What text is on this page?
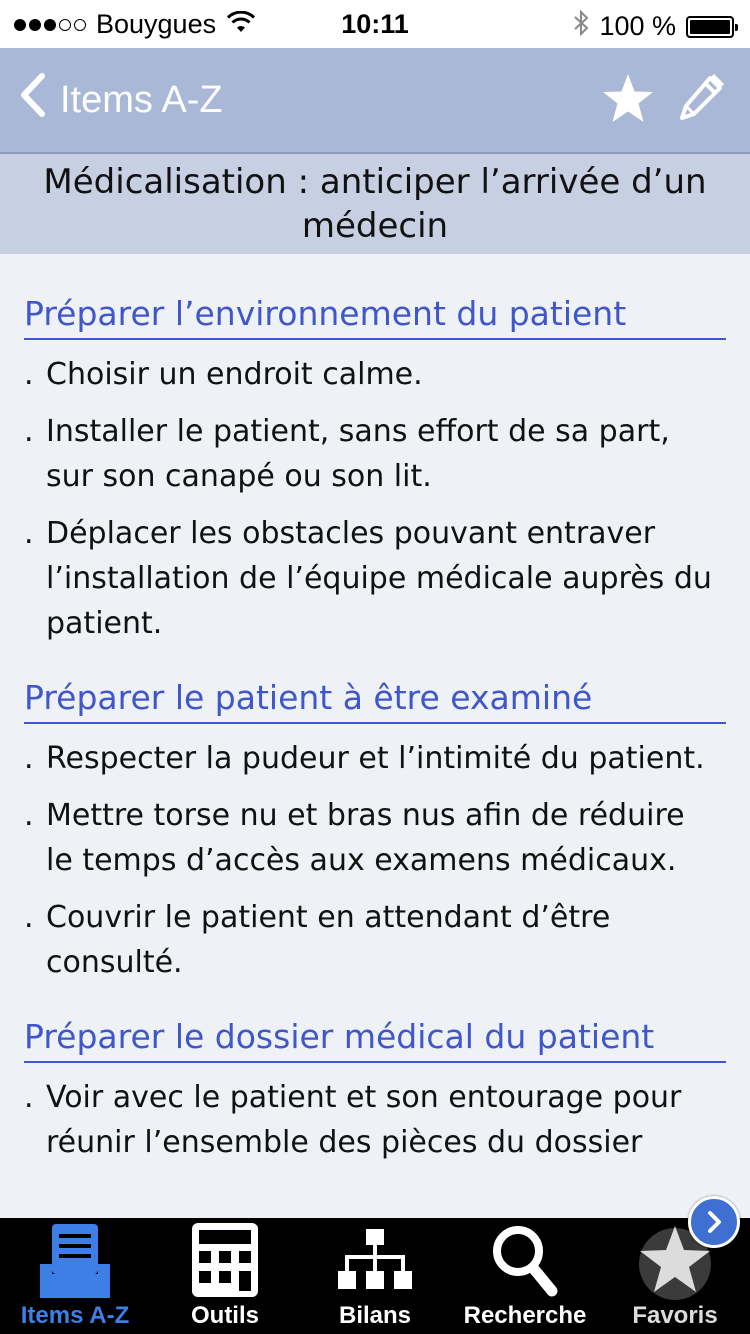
Bouygues	10:11	100 %
Items A-Z
Médicalisation : anticiper l’arrivée d’un médecin
Préparer l’environnement du patient
. Choisir un endroit calme.
. Installer le patient, sans effort de sa part, sur son canapé ou son lit.
. Déplacer les obstacles pouvant entraver l’installation de l’équipe médicale auprès du patient.
Préparer le patient à être examiné
. Respecter la pudeur et l’intimité du patient.
. Mettre torse nu et bras nus afin de réduire le temps d’accès aux examens médicaux.
. Couvrir le patient en attendant d’être consulté.
Préparer le dossier médical du patient
. Voir avec le patient et son entourage pour réunir l’ensemble des pièces du dossier
Items A-Z	Outils	Bilans Recherche Favoris
